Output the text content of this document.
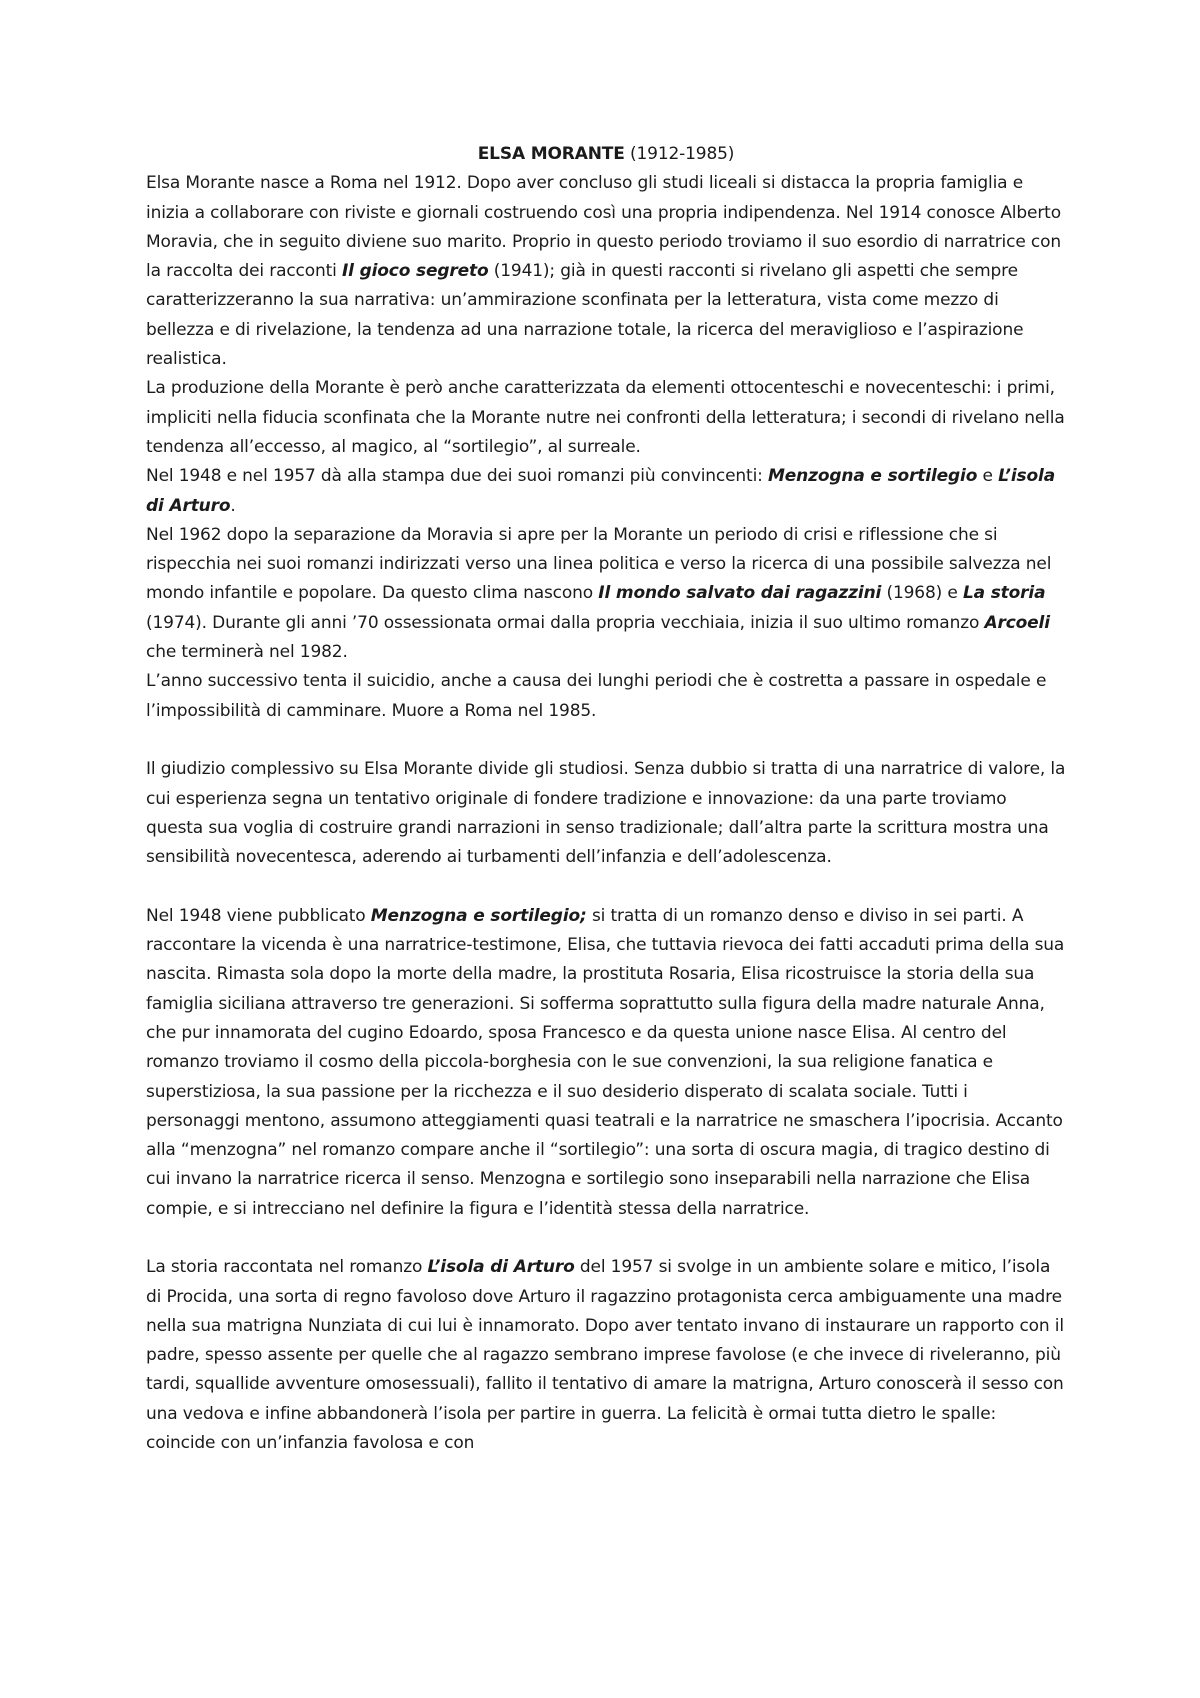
ELSA MORANTE (1912-1985)

Elsa Morante nasce a Roma nel 1912. Dopo aver concluso gli studi liceali si distacca la propria famiglia e inizia a collaborare con riviste e giornali costruendo così una propria indipendenza. Nel 1914 conosce Alberto Moravia, che in seguito diviene suo marito. Proprio in questo periodo troviamo il suo esordio di narratrice con la raccolta dei racconti Il gioco segreto (1941); già in questi racconti si rivelano gli aspetti che sempre caratterizzeranno la sua narrativa: un’ammirazione sconfinata per la letteratura, vista come mezzo di bellezza e di rivelazione, la tendenza ad una narrazione totale, la ricerca del meraviglioso e l’aspirazione realistica.

La produzione della Morante è però anche caratterizzata da elementi ottocenteschi e novecenteschi: i primi, impliciti nella fiducia sconfinata che la Morante nutre nei confronti della letteratura; i secondi di rivelano nella tendenza all’eccesso, al magico, al “sortilegio”, al surreale.

Nel 1948 e nel 1957 dà alla stampa due dei suoi romanzi più convincenti: Menzogna e sortilegio e L’isola di Arturo.

Nel 1962 dopo la separazione da Moravia si apre per la Morante un periodo di crisi e riflessione che si rispecchia nei suoi romanzi indirizzati verso una linea politica e verso la ricerca di una possibile salvezza nel mondo infantile e popolare. Da questo clima nascono Il mondo salvato dai ragazzini (1968) e La storia (1974). Durante gli anni ’70 ossessionata ormai dalla propria vecchiaia, inizia il suo ultimo romanzo Arcoeli che terminerà nel 1982.

L’anno successivo tenta il suicidio, anche a causa dei lunghi periodi che è costretta a passare in ospedale e l’impossibilità di camminare. Muore a Roma nel 1985.

Il giudizio complessivo su Elsa Morante divide gli studiosi. Senza dubbio si tratta di una narratrice di valore, la cui esperienza segna un tentativo originale di fondere tradizione e innovazione: da una parte troviamo questa sua voglia di costruire grandi narrazioni in senso tradizionale; dall’altra parte la scrittura mostra una sensibilità novecentesca, aderendo ai turbamenti dell’infanzia e dell’adolescenza.

Nel 1948 viene pubblicato Menzogna e sortilegio; si tratta di un romanzo denso e diviso in sei parti. A raccontare la vicenda è una narratrice-testimone, Elisa, che tuttavia rievoca dei fatti accaduti prima della sua nascita. Rimasta sola dopo la morte della madre, la prostituta Rosaria, Elisa ricostruisce la storia della sua famiglia siciliana attraverso tre generazioni. Si sofferma soprattutto sulla figura della madre naturale Anna, che pur innamorata del cugino Edoardo, sposa Francesco e da questa unione nasce Elisa. Al centro del romanzo troviamo il cosmo della piccola-borghesia con le sue convenzioni, la sua religione fanatica e superstiziosa, la sua passione per la ricchezza e il suo desiderio disperato di scalata sociale. Tutti i personaggi mentono, assumono atteggiamenti quasi teatrali e la narratrice ne smaschera l’ipocrisia. Accanto alla “menzogna” nel romanzo compare anche il “sortilegio”: una sorta di oscura magia, di tragico destino di cui invano la narratrice ricerca il senso. Menzogna e sortilegio sono inseparabili nella narrazione che Elisa compie, e si intrecciano nel definire la figura e l’identità stessa della narratrice.

La storia raccontata nel romanzo L’isola di Arturo del 1957 si svolge in un ambiente solare e mitico, l’isola di Procida, una sorta di regno favoloso dove Arturo il ragazzino protagonista cerca ambiguamente una madre nella sua matrigna Nunziata di cui lui è innamorato. Dopo aver tentato invano di instaurare un rapporto con il padre, spesso assente per quelle che al ragazzo sembrano imprese favolose (e che invece di riveleranno, più tardi, squallide avventure omosessuali), fallito il tentativo di amare la matrigna, Arturo conoscerà il sesso con una vedova e infine abbandonerà l’isola per partire in guerra. La felicità è ormai tutta dietro le spalle: coincide con un’infanzia favolosa e con
